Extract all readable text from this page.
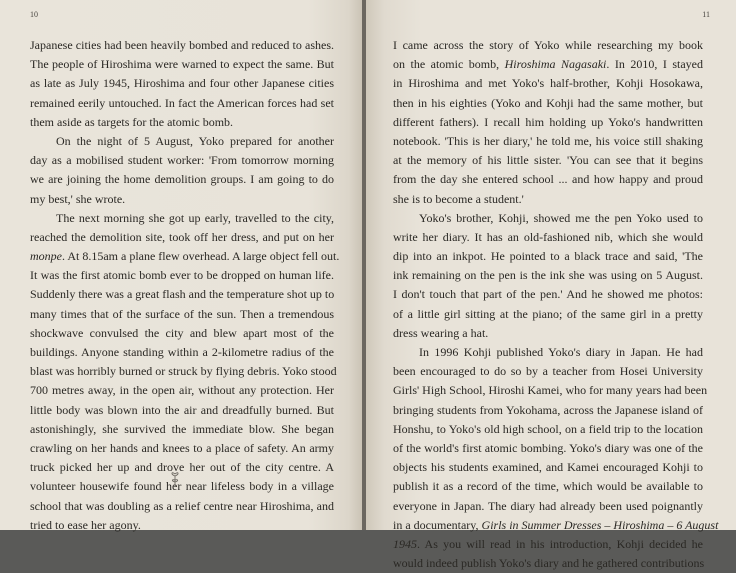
10
Japanese cities had been heavily bombed and reduced to ashes.
The people of Hiroshima were warned to expect the same. But
as late as July 1945, Hiroshima and four other Japanese cities
remained eerily untouched. In fact the American forces had set
them aside as targets for the atomic bomb.
On the night of 5 August, Yoko prepared for another
day as a mobilised student worker: 'From tomorrow morning
we are joining the home demolition groups. I am going to do
my best,' she wrote.
The next morning she got up early, travelled to the city,
reached the demolition site, took off her dress, and put on her
monpe. At 8.15am a plane flew overhead. A large object fell out.
It was the first atomic bomb ever to be dropped on human life.
Suddenly there was a great flash and the temperature shot up to
many times that of the surface of the sun. Then a tremendous
shockwave convulsed the city and blew apart most of the
buildings. Anyone standing within a 2-kilometre radius of the
blast was horribly burned or struck by flying debris. Yoko stood
700 metres away, in the open air, without any protection. Her
little body was blown into the air and dreadfully burned. But
astonishingly, she survived the immediate blow. She began
crawling on her hands and knees to a place of safety. An army
truck picked her up and drove her out of the city centre. A
volunteer housewife found her near lifeless body in a village
school that was doubling as a relief centre near Hiroshima, and
tried to ease her agony.
11
I came across the story of Yoko while researching my book
on the atomic bomb, Hiroshima Nagasaki. In 2010, I stayed
in Hiroshima and met Yoko's half-brother, Kohji Hosokawa,
then in his eighties (Yoko and Kohji had the same mother, but
different fathers). I recall him holding up Yoko's handwritten
notebook. 'This is her diary,' he told me, his voice still shaking
at the memory of his little sister. 'You can see that it begins
from the day she entered school ... and how happy and proud
she is to become a student.'
Yoko's brother, Kohji, showed me the pen Yoko used to
write her diary. It has an old-fashioned nib, which she would
dip into an inkpot. He pointed to a black trace and said, 'The
ink remaining on the pen is the ink she was using on 5 August.
I don't touch that part of the pen.' And he showed me photos:
of a little girl sitting at the piano; of the same girl in a pretty
dress wearing a hat.
In 1996 Kohji published Yoko's diary in Japan. He had
been encouraged to do so by a teacher from Hosei University
Girls' High School, Hiroshi Kamei, who for many years had been
bringing students from Yokohama, across the Japanese island of
Honshu, to Yoko's old high school, on a field trip to the location
of the world's first atomic bombing. Yoko's diary was one of the
objects his students examined, and Kamei encouraged Kohji to
publish it as a record of the time, which would be available to
everyone in Japan. The diary had already been used poignantly
in a documentary, Girls in Summer Dresses – Hiroshima – 6 August
1945. As you will read in his introduction, Kohji decided he
would indeed publish Yoko's diary and he gathered contributions
